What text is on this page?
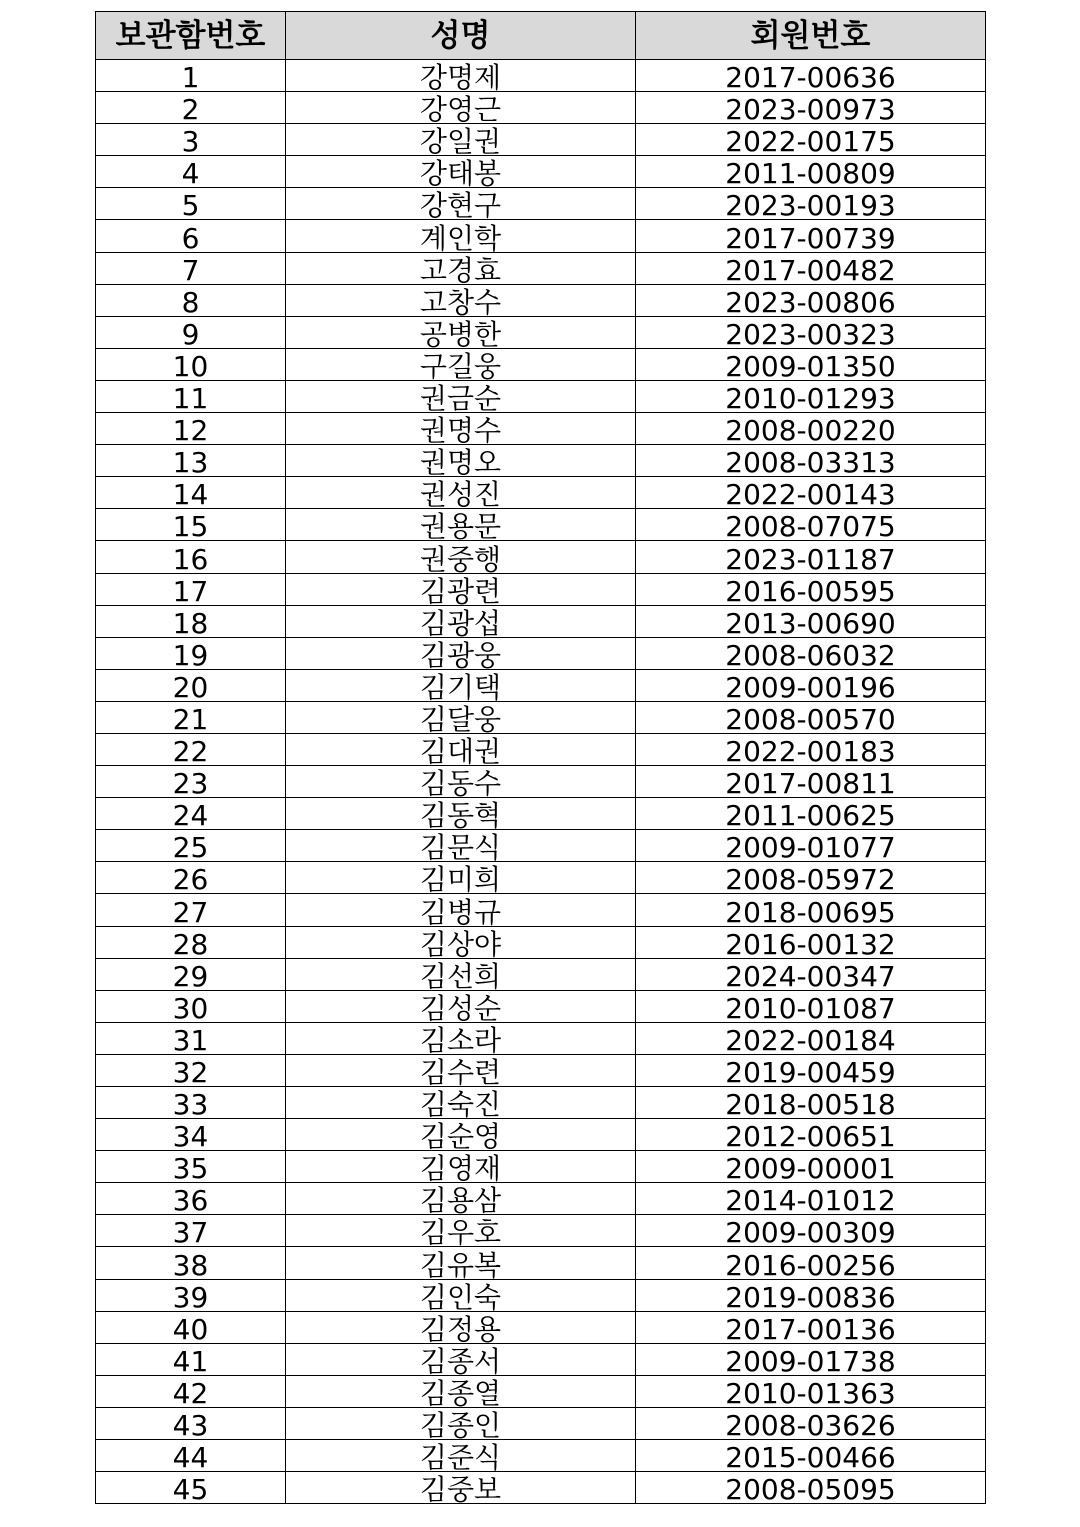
보관함번호	성명	회원번호
1	강명제	2017-00636
2	강영근	2023-00973
3	강일권	2022-00175
4	강태봉	2011-00809
5	강현구	2023-00193
6	계인학	2017-00739
7	고경효	2017-00482
8	고창수	2023-00806
9	공병한	2023-00323
10	구길웅	2009-01350
11	권금순	2010-01293
12	권명수	2008-00220
13	권명오	2008-03313
14	권성진	2022-00143
15	권용문	2008-07075
16	권중행	2023-01187
17	김광련	2016-00595
18	김광섭	2013-00690
19	김광웅	2008-06032
20	김기택	2009-00196
21	김달웅	2008-00570
22	김대권	2022-00183
23	김동수	2017-00811
24	김동혁	2011-00625
25	김문식	2009-01077
26	김미희	2008-05972
27	김병규	2018-00695
28	김상야	2016-00132
29	김선희	2024-00347
30	김성순	2010-01087
31	김소라	2022-00184
32	김수련	2019-00459
33	김숙진	2018-00518
34	김순영	2012-00651
35	김영재	2009-00001
36	김용삼	2014-01012
37	김우호	2009-00309
38	김유복	2016-00256
39	김인숙	2019-00836
40	김정용	2017-00136
41	김종서	2009-01738
42	김종열	2010-01363
43	김종인	2008-03626
44	김준식	2015-00466
45	김중보	2008-05095
